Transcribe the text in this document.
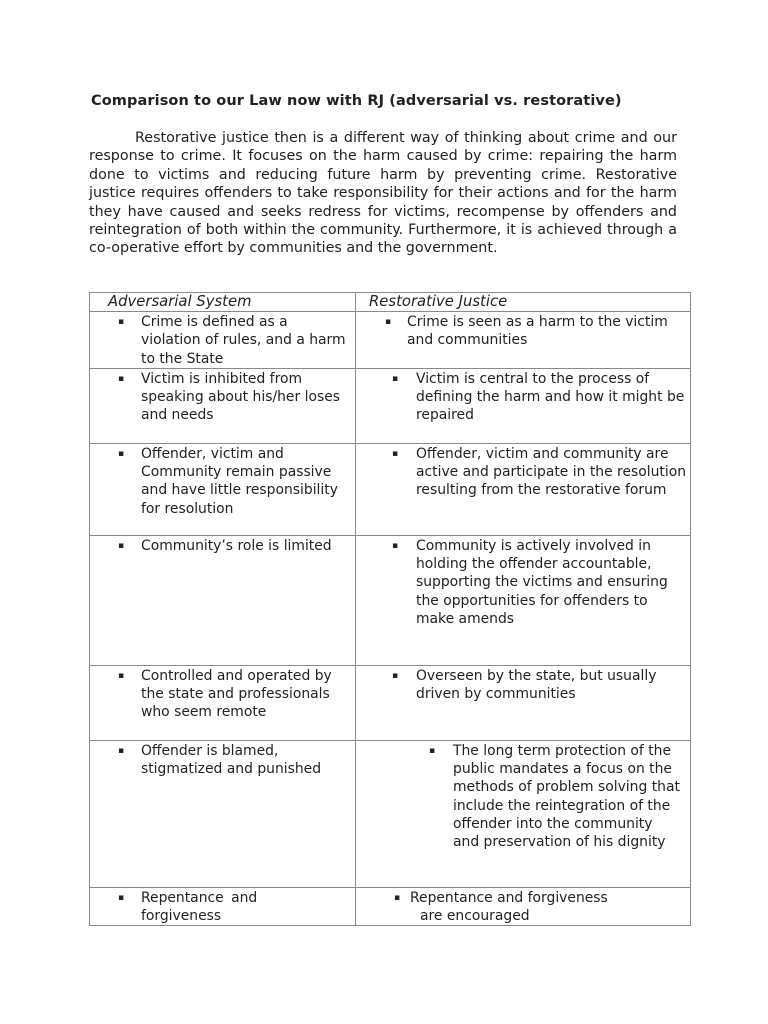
Comparison to our Law now with RJ (adversarial vs. restorative)

Restorative justice then is a different way of thinking about crime and our response to crime. It focuses on the harm caused by crime: repairing the harm done to victims and reducing future harm by preventing crime. Restorative justice requires offenders to take responsibility for their actions and for the harm they have caused and seeks redress for victims, recompense by offenders and reintegration of both within the community. Furthermore, it is achieved through a co-operative effort by communities and the government.

Adversarial System	Restorative Justice

▪ Crime is defined as a violation of rules, and a harm to the State	▪ Crime is seen as a harm to the victim and communities

▪ Victim is inhibited from speaking about his/her loses and needs	▪ Victim is central to the process of defining the harm and how it might be repaired

▪ Offender, victim and Community remain passive and have little responsibility for resolution	▪ Offender, victim and community are active and participate in the resolution resulting from the restorative forum

▪ Community’s role is limited	▪ Community is actively involved in holding the offender accountable, supporting the victims and ensuring the opportunities for offenders to make amends

▪ Controlled and operated by the state and professionals who seem remote	▪ Overseen by the state, but usually driven by communities

▪ Offender is blamed, stigmatized and punished	▪ The long term protection of the public mandates a focus on the methods of problem solving that include the reintegration of the offender into the community and preservation of his dignity

▪ Repentance and forgiveness	▪ Repentance and forgiveness
are encouraged
